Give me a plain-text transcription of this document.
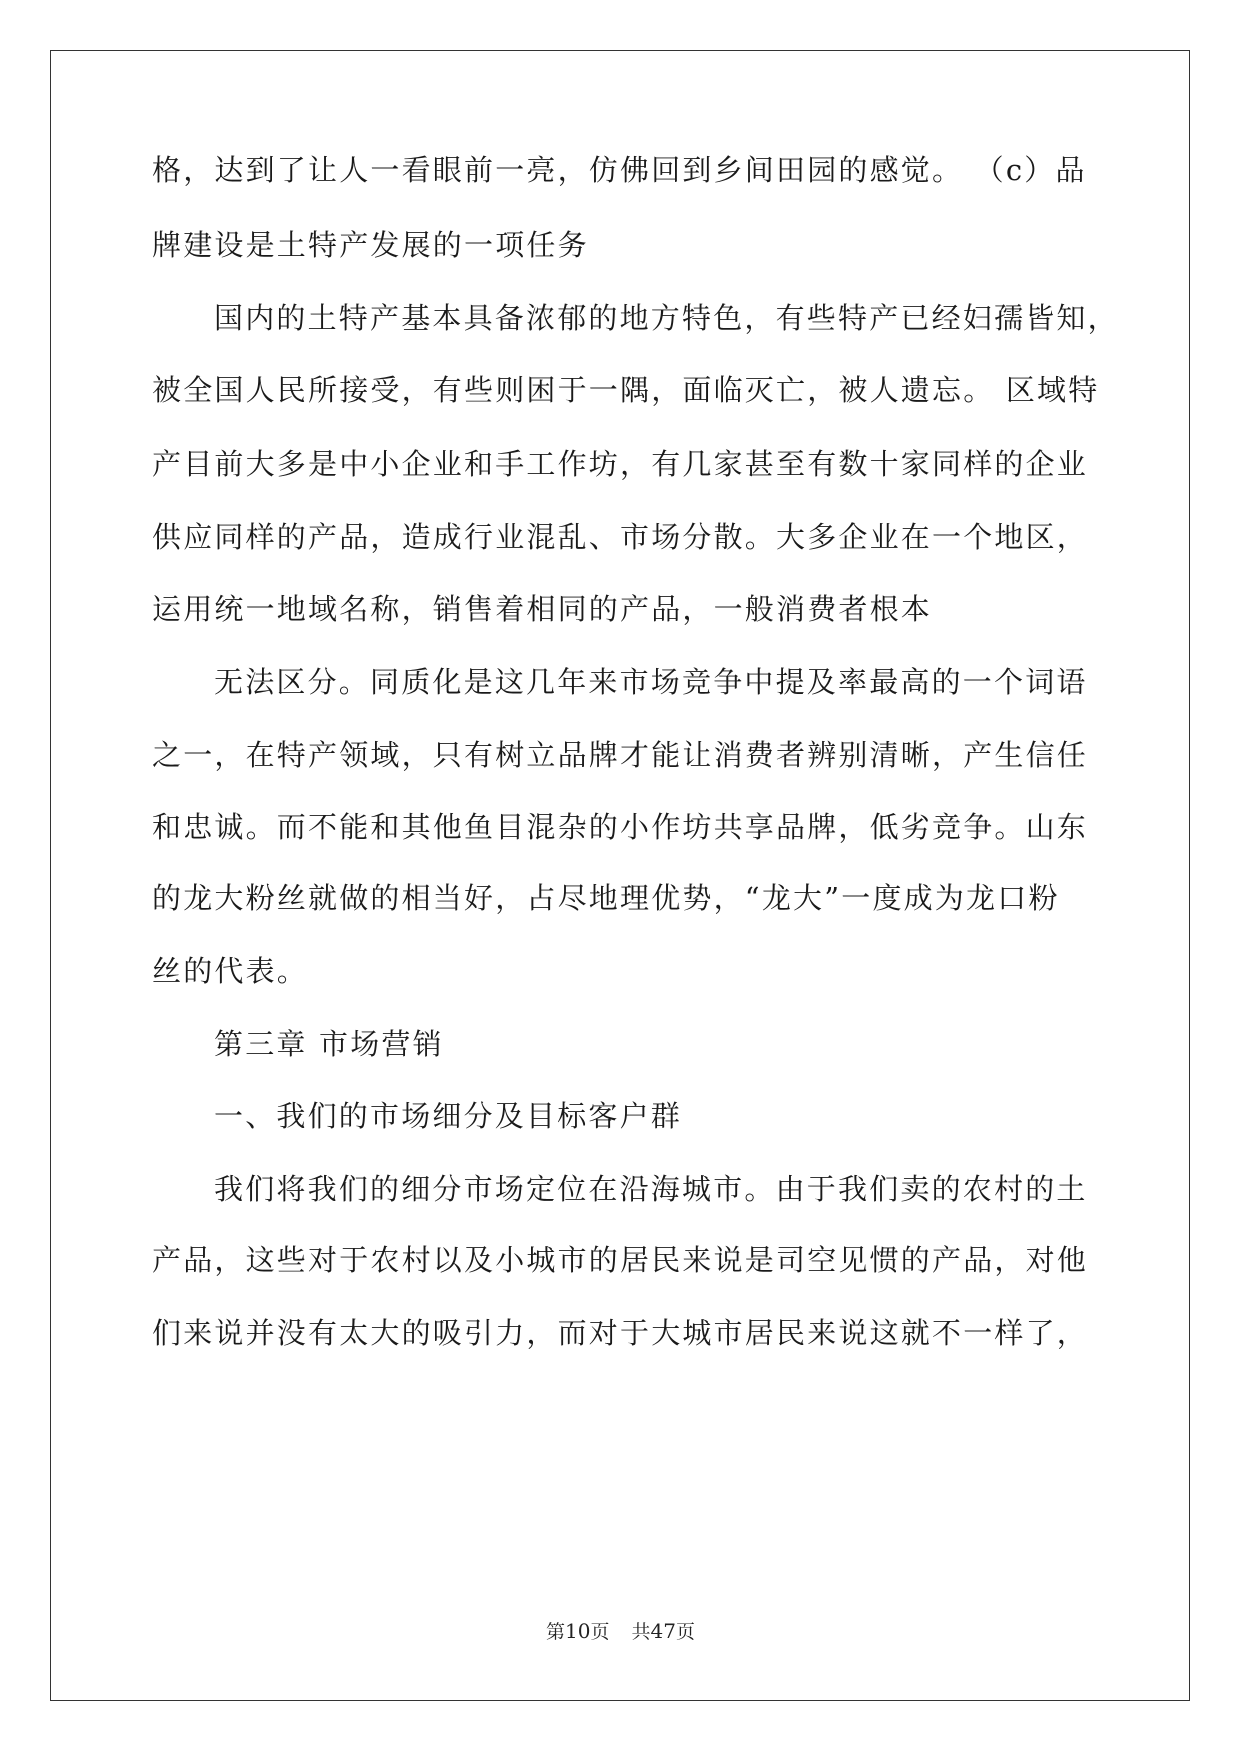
格，达到了让人一看眼前一亮，仿佛回到乡间田园的感觉。 （c）品
牌建设是土特产发展的一项任务
国内的土特产基本具备浓郁的地方特色，有些特产已经妇孺皆知，
被全国人民所接受，有些则困于一隅，面临灭亡，被人遗忘。 区域特
产目前大多是中小企业和手工作坊，有几家甚至有数十家同样的企业
供应同样的产品，造成行业混乱、市场分散。大多企业在一个地区，
运用统一地域名称，销售着相同的产品，一般消费者根本
无法区分。同质化是这几年来市场竞争中提及率最高的一个词语
之一，在特产领域，只有树立品牌才能让消费者辨别清晰，产生信任
和忠诚。而不能和其他鱼目混杂的小作坊共享品牌，低劣竞争。山东
的龙大粉丝就做的相当好，占尽地理优势，“龙大”一度成为龙口粉
丝的代表。
第三章 市场营销
一、我们的市场细分及目标客户群
我们将我们的细分市场定位在沿海城市。由于我们卖的农村的土
产品，这些对于农村以及小城市的居民来说是司空见惯的产品，对他
们来说并没有太大的吸引力，而对于大城市居民来说这就不一样了，
第10页 共47页
